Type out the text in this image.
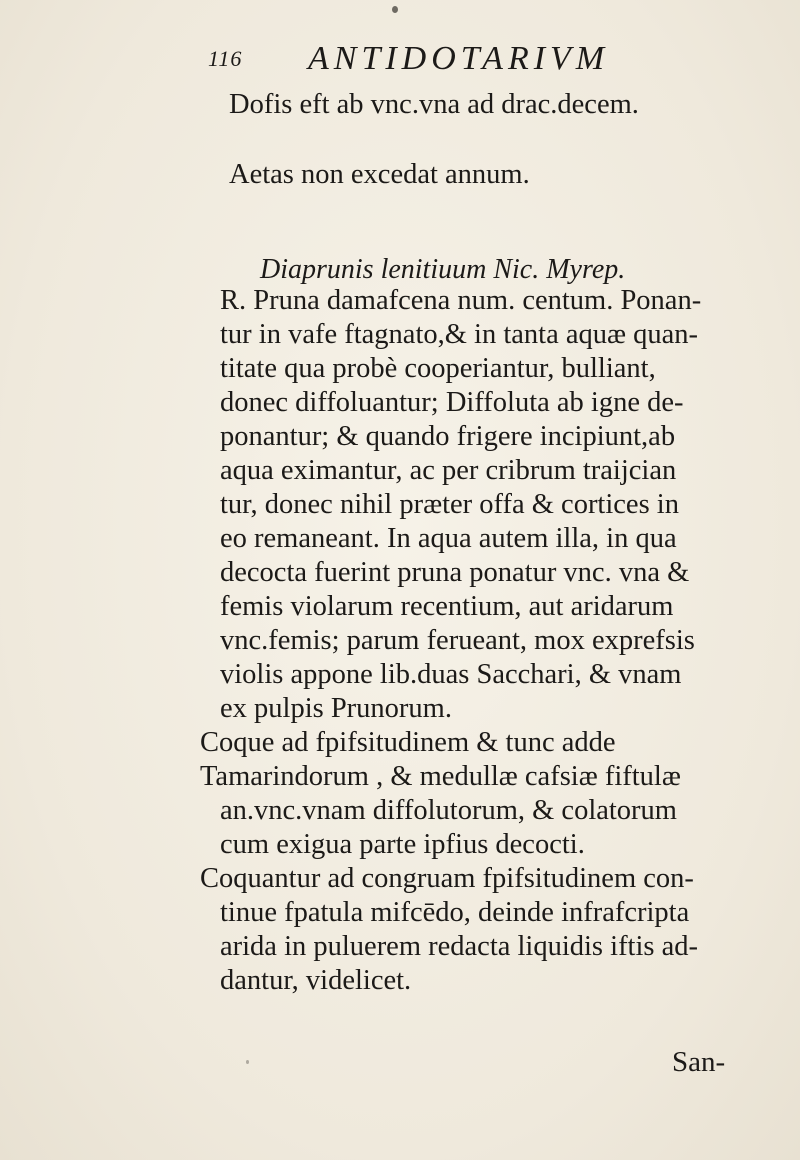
116 ANTIDOTARIVM
Dofis eft ab vnc.vna ad drac.decem.
Aetas non excedat annum.
Diaprunis lenitiuum Nic. Myrep.
R. Pruna damafcena num. centum. Ponan-
tur in vafe ftagnato,& in tanta aquæ quan-
titate qua probè cooperiantur, bulliant,
donec diffoluantur; Diffoluta ab igne de-
ponantur; & quando frigere incipiunt,ab
aqua eximantur, ac per cribrum traijcian
tur, donec nihil præter offa & cortices in
eo remaneant. In aqua autem illa, in qua
decocta fuerint pruna ponatur vnc. vna &
femis violarum recentium, aut aridarum
vnc.femis; parum ferueant, mox exprefsis
violis appone lib.duas Sacchari, & vnam
ex pulpis Prunorum.
Coque ad fpifsitudinem & tunc adde
Tamarindorum , & medullæ cafsiæ fiftulæ
an.vnc.vnam diffolutorum, & colatorum
cum exigua parte ipfius decocti.
Coquantur ad congruam fpifsitudinem con-
tinue fpatula mifcēdo, deinde infrafcripta
arida in puluerem redacta liquidis iftis ad-
dantur, videlicet.
San-
